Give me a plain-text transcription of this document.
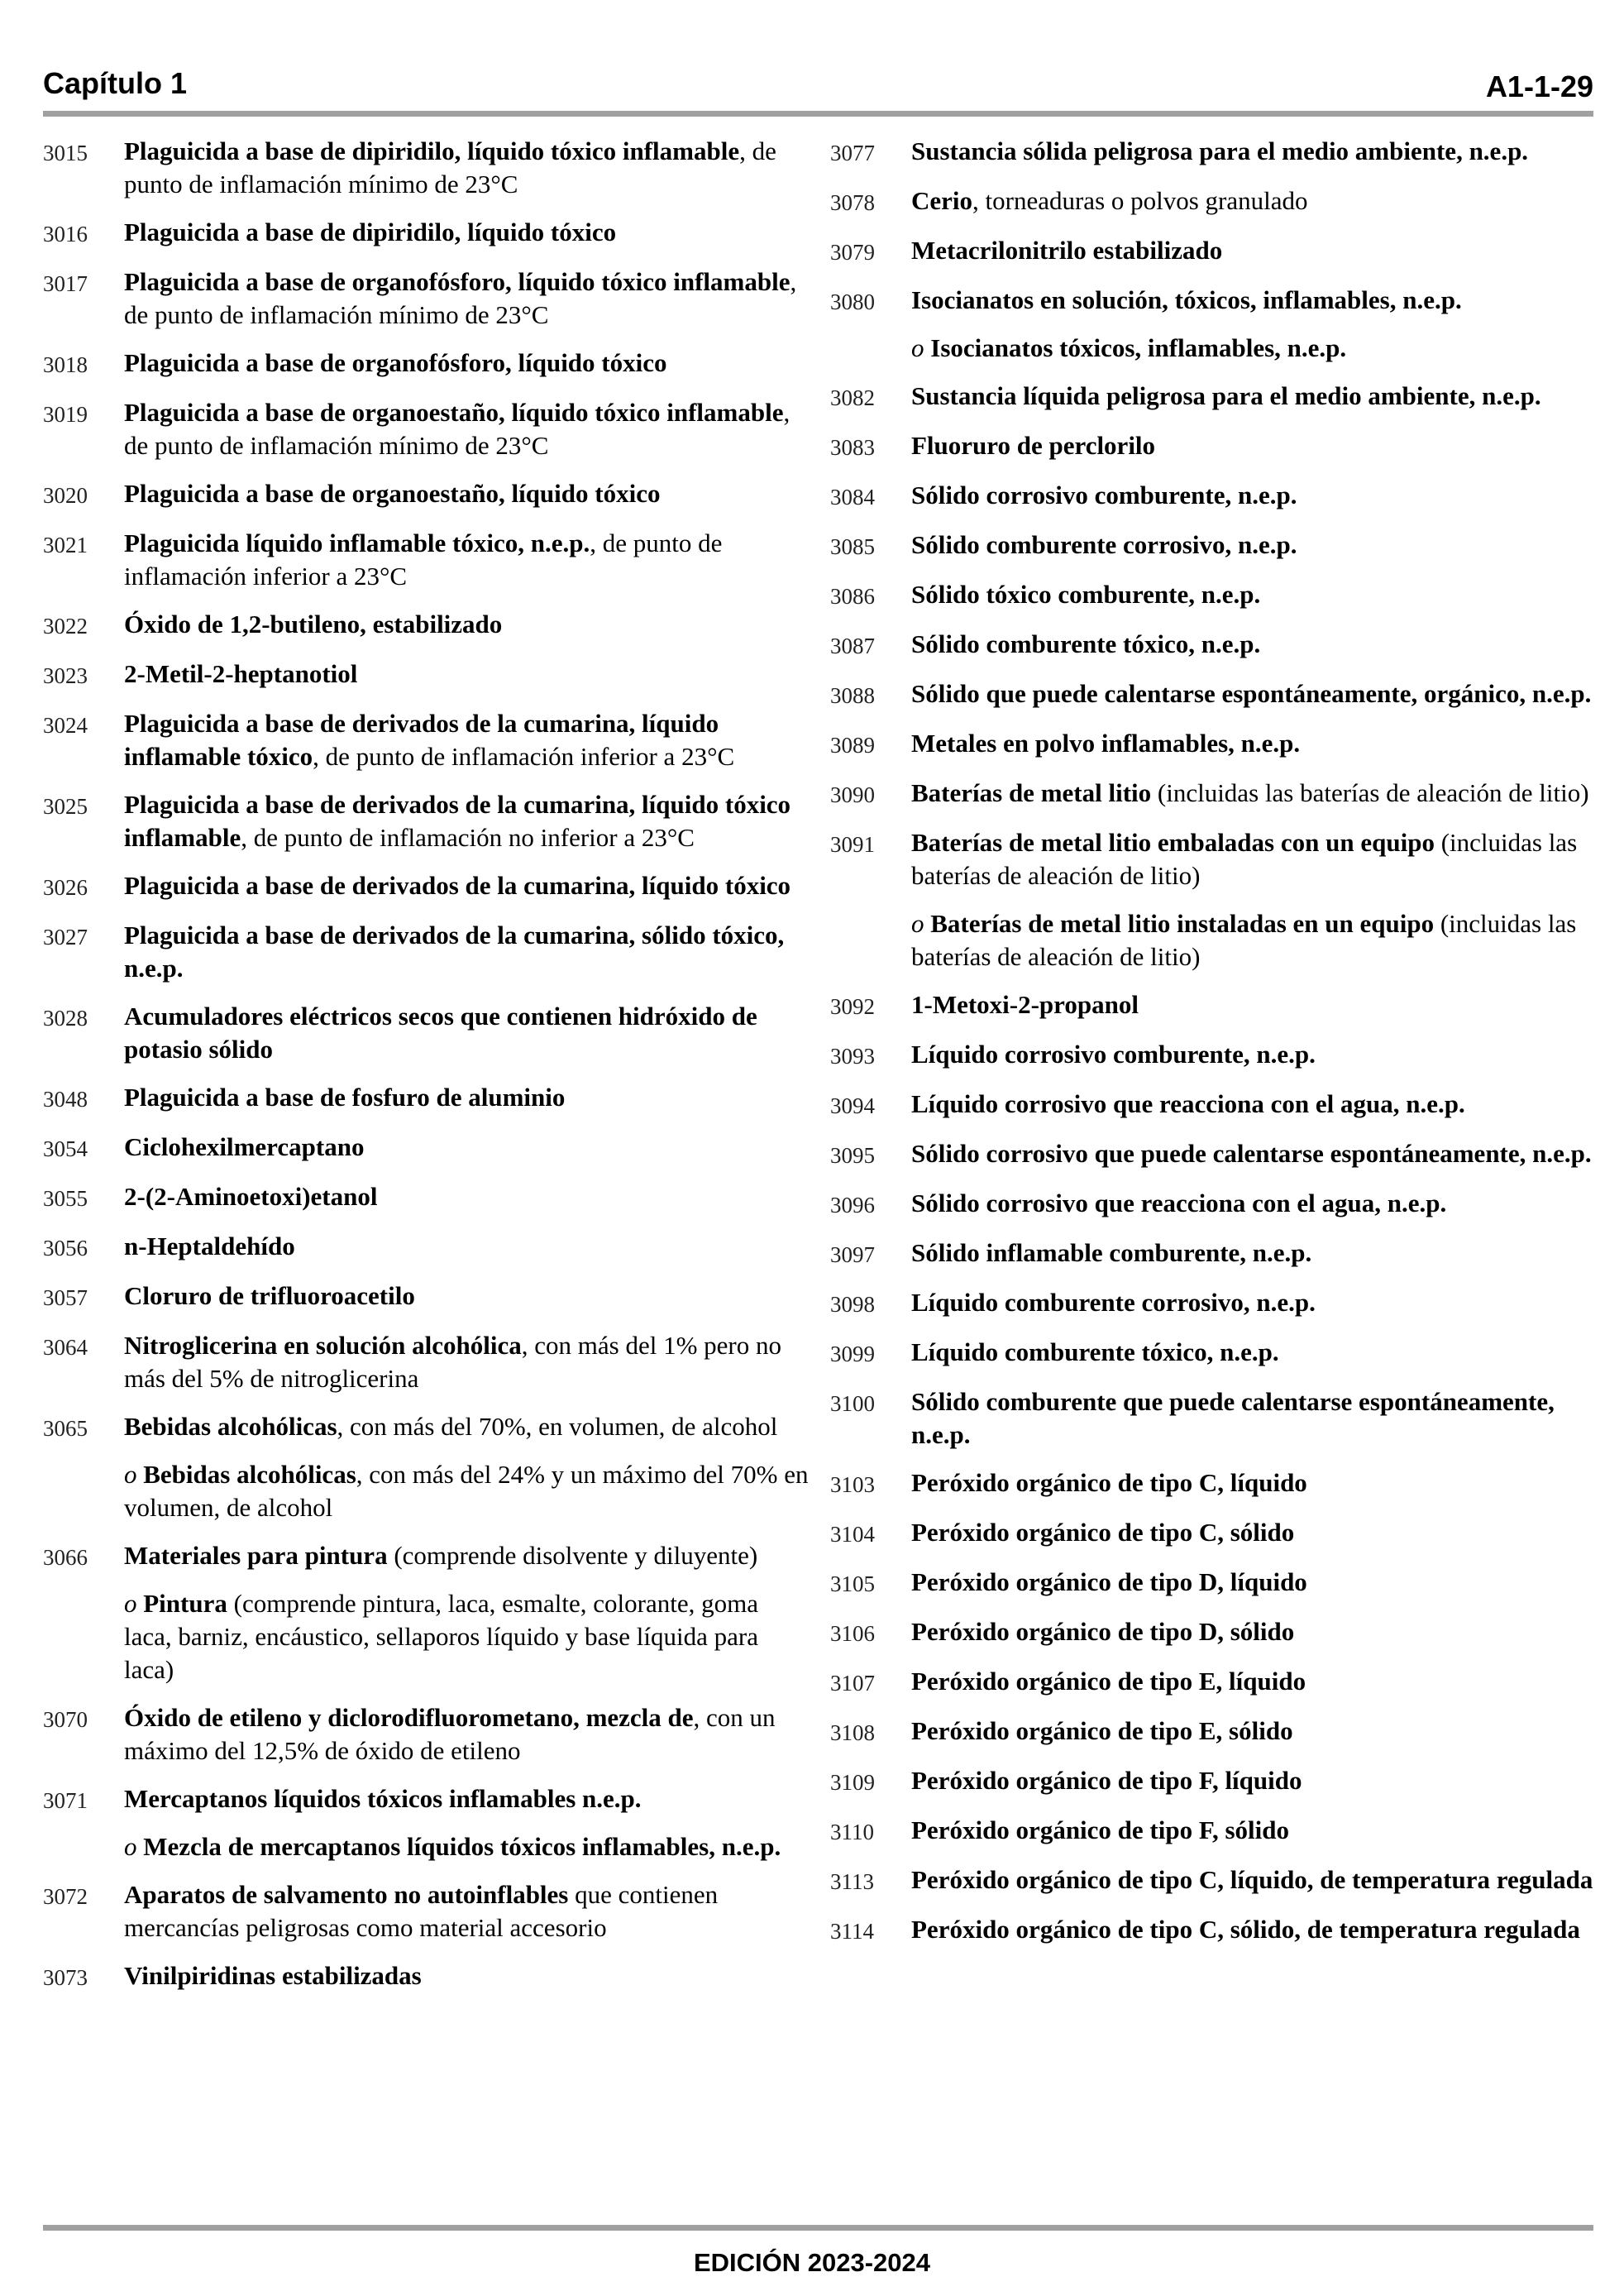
Capítulo 1	A1-1-29
3015	Plaguicida a base de dipiridilo, líquido tóxico inflamable, de punto de inflamación mínimo de 23°C
3016	Plaguicida a base de dipiridilo, líquido tóxico
3017	Plaguicida a base de organofósforo, líquido tóxico inflamable, de punto de inflamación mínimo de 23°C
3018	Plaguicida a base de organofósforo, líquido tóxico
3019	Plaguicida a base de organoestaño, líquido tóxico inflamable, de punto de inflamación mínimo de 23°C
3020	Plaguicida a base de organoestaño, líquido tóxico
3021	Plaguicida líquido inflamable tóxico, n.e.p., de punto de inflamación inferior a 23°C
3022	Óxido de 1,2-butileno, estabilizado
3023	2-Metil-2-heptanotiol
3024	Plaguicida a base de derivados de la cumarina, líquido inflamable tóxico, de punto de inflamación inferior a 23°C
3025	Plaguicida a base de derivados de la cumarina, líquido tóxico inflamable, de punto de inflamación no inferior a 23°C
3026	Plaguicida a base de derivados de la cumarina, líquido tóxico
3027	Plaguicida a base de derivados de la cumarina, sólido tóxico, n.e.p.
3028	Acumuladores eléctricos secos que contienen hidróxido de potasio sólido
3048	Plaguicida a base de fosfuro de aluminio
3054	Ciclohexilmercaptano
3055	2-(2-Aminoetoxi)etanol
3056	n-Heptaldehído
3057	Cloruro de trifluoroacetilo
3064	Nitroglicerina en solución alcohólica, con más del 1% pero no más del 5% de nitroglicerina
3065	Bebidas alcohólicas, con más del 70%, en volumen, de alcohol
o Bebidas alcohólicas, con más del 24% y un máximo del 70% en volumen, de alcohol
3066	Materiales para pintura (comprende disolvente y diluyente)
o Pintura (comprende pintura, laca, esmalte, colorante, goma laca, barniz, encáustico, sellaporos líquido y base líquida para laca)
3070	Óxido de etileno y diclorodifluorometano, mezcla de, con un máximo del 12,5% de óxido de etileno
3071	Mercaptanos líquidos tóxicos inflamables n.e.p.
o Mezcla de mercaptanos líquidos tóxicos inflamables, n.e.p.
3072	Aparatos de salvamento no autoinflables que contienen mercancías peligrosas como material accesorio
3073	Vinilpiridinas estabilizadas
3077	Sustancia sólida peligrosa para el medio ambiente, n.e.p.
3078	Cerio, torneaduras o polvos granulado
3079	Metacrilonitrilo estabilizado
3080	Isocianatos en solución, tóxicos, inflamables, n.e.p.
o Isocianatos tóxicos, inflamables, n.e.p.
3082	Sustancia líquida peligrosa para el medio ambiente, n.e.p.
3083	Fluoruro de perclorilo
3084	Sólido corrosivo comburente, n.e.p.
3085	Sólido comburente corrosivo, n.e.p.
3086	Sólido tóxico comburente, n.e.p.
3087	Sólido comburente tóxico, n.e.p.
3088	Sólido que puede calentarse espontáneamente, orgánico, n.e.p.
3089	Metales en polvo inflamables, n.e.p.
3090	Baterías de metal litio (incluidas las baterías de aleación de litio)
3091	Baterías de metal litio embaladas con un equipo (incluidas las baterías de aleación de litio)
o Baterías de metal litio instaladas en un equipo (incluidas las baterías de aleación de litio)
3092	1-Metoxi-2-propanol
3093	Líquido corrosivo comburente, n.e.p.
3094	Líquido corrosivo que reacciona con el agua, n.e.p.
3095	Sólido corrosivo que puede calentarse espontáneamente, n.e.p.
3096	Sólido corrosivo que reacciona con el agua, n.e.p.
3097	Sólido inflamable comburente, n.e.p.
3098	Líquido comburente corrosivo, n.e.p.
3099	Líquido comburente tóxico, n.e.p.
3100	Sólido comburente que puede calentarse espontáneamente, n.e.p.
3103	Peróxido orgánico de tipo C, líquido
3104	Peróxido orgánico de tipo C, sólido
3105	Peróxido orgánico de tipo D, líquido
3106	Peróxido orgánico de tipo D, sólido
3107	Peróxido orgánico de tipo E, líquido
3108	Peróxido orgánico de tipo E, sólido
3109	Peróxido orgánico de tipo F, líquido
3110	Peróxido orgánico de tipo F, sólido
3113	Peróxido orgánico de tipo C, líquido, de temperatura regulada
3114	Peróxido orgánico de tipo C, sólido, de temperatura regulada
EDICIÓN 2023-2024
